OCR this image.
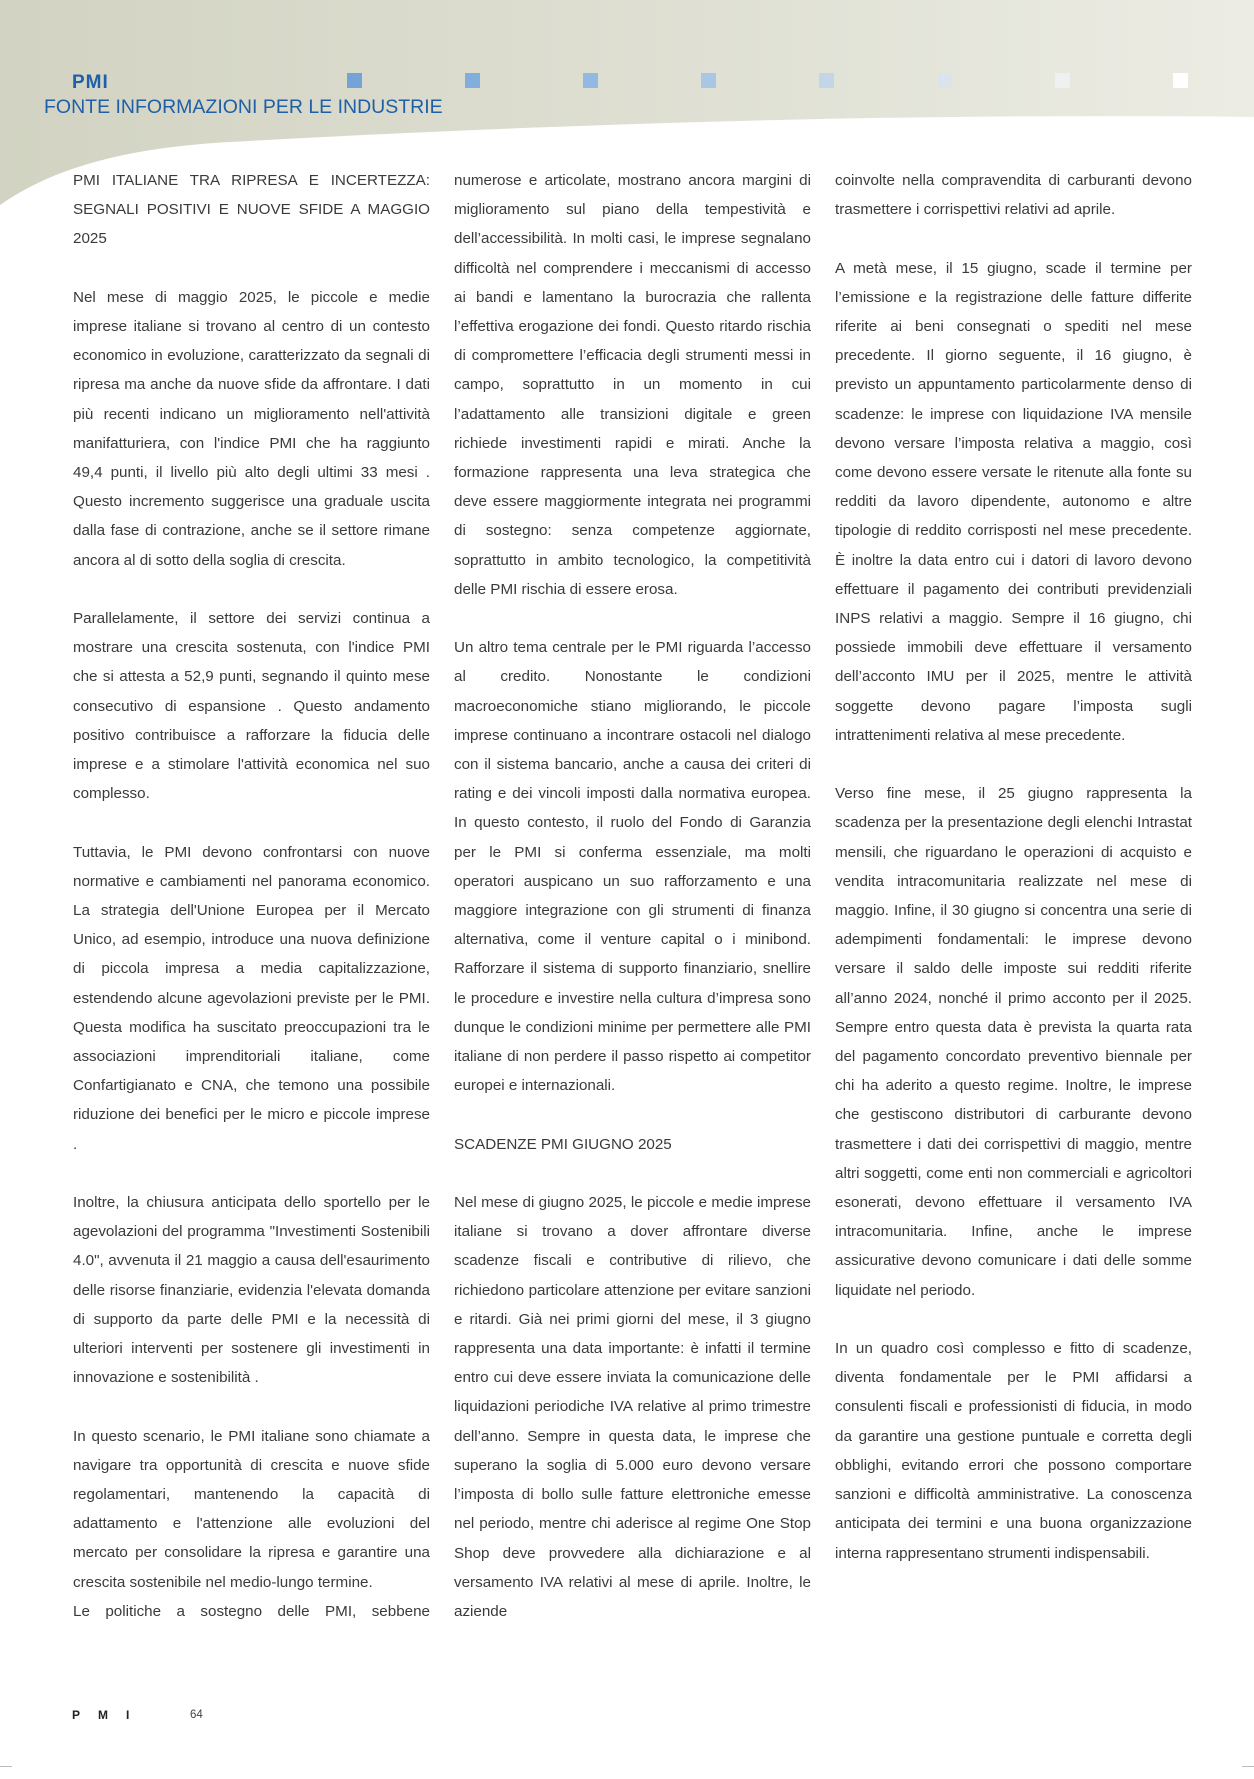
PMI
FONTE INFORMAZIONI PER LE INDUSTRIE

PMI ITALIANE TRA RIPRESA E INCERTEZZA: SEGNALI POSITIVI E NUOVE SFIDE A MAGGIO 2025

Nel mese di maggio 2025, le piccole e medie imprese italiane si trovano al centro di un contesto economico in evoluzione, caratterizzato da segnali di ripresa ma anche da nuove sfide da affrontare. I dati più recenti indicano un miglioramento nell'attività manifatturiera, con l'indice PMI che ha raggiunto 49,4 punti, il livello più alto degli ultimi 33 mesi . Questo incremento suggerisce una graduale uscita dalla fase di contrazione, anche se il settore rimane ancora al di sotto della soglia di crescita.

Parallelamente, il settore dei servizi continua a mostrare una crescita sostenuta, con l'indice PMI che si attesta a 52,9 punti, segnando il quinto mese consecutivo di espansione . Questo andamento positivo contribuisce a rafforzare la fiducia delle imprese e a stimolare l'attività economica nel suo complesso.

Tuttavia, le PMI devono confrontarsi con nuove normative e cambiamenti nel panorama economico. La strategia dell'Unione Europea per il Mercato Unico, ad esempio, introduce una nuova definizione di piccola impresa a media capitalizzazione, estendendo alcune agevolazioni previste per le PMI. Questa modifica ha suscitato preoccupazioni tra le associazioni imprenditoriali italiane, come Confartigianato e CNA, che temono una possibile riduzione dei benefici per le micro e piccole imprese .

Inoltre, la chiusura anticipata dello sportello per le agevolazioni del programma "Investimenti Sostenibili 4.0", avvenuta il 21 maggio a causa dell'esaurimento delle risorse finanziarie, evidenzia l'elevata domanda di supporto da parte delle PMI e la necessità di ulteriori interventi per sostenere gli investimenti in innovazione e sostenibilità .

In questo scenario, le PMI italiane sono chiamate a navigare tra opportunità di crescita e nuove sfide regolamentari, mantenendo la capacità di adattamento e l'attenzione alle evoluzioni del mercato per consolidare la ripresa e garantire una crescita sostenibile nel medio-lungo termine.

Le politiche a sostegno delle PMI, sebbene

numerose e articolate, mostrano ancora margini di miglioramento sul piano della tempestività e dell’accessibilità. In molti casi, le imprese segnalano difficoltà nel comprendere i meccanismi di accesso ai bandi e lamentano la burocrazia che rallenta l’effettiva erogazione dei fondi. Questo ritardo rischia di compromettere l’efficacia degli strumenti messi in campo, soprattutto in un momento in cui l’adattamento alle transizioni digitale e green richiede investimenti rapidi e mirati. Anche la formazione rappresenta una leva strategica che deve essere maggiormente integrata nei programmi di sostegno: senza competenze aggiornate, soprattutto in ambito tecnologico, la competitività delle PMI rischia di essere erosa.

Un altro tema centrale per le PMI riguarda l’accesso al credito. Nonostante le condizioni macroeconomiche stiano migliorando, le piccole imprese continuano a incontrare ostacoli nel dialogo con il sistema bancario, anche a causa dei criteri di rating e dei vincoli imposti dalla normativa europea. In questo contesto, il ruolo del Fondo di Garanzia per le PMI si conferma essenziale, ma molti operatori auspicano un suo rafforzamento e una maggiore integrazione con gli strumenti di finanza alternativa, come il venture capital o i minibond. Rafforzare il sistema di supporto finanziario, snellire le procedure e investire nella cultura d’impresa sono dunque le condizioni minime per permettere alle PMI italiane di non perdere il passo rispetto ai competitor europei e internazionali.

SCADENZE PMI GIUGNO 2025

Nel mese di giugno 2025, le piccole e medie imprese italiane si trovano a dover affrontare diverse scadenze fiscali e contributive di rilievo, che richiedono particolare attenzione per evitare sanzioni e ritardi. Già nei primi giorni del mese, il 3 giugno rappresenta una data importante: è infatti il termine entro cui deve essere inviata la comunicazione delle liquidazioni periodiche IVA relative al primo trimestre dell’anno. Sempre in questa data, le imprese che superano la soglia di 5.000 euro devono versare l’imposta di bollo sulle fatture elettroniche emesse nel periodo, mentre chi aderisce al regime One Stop Shop deve provvedere alla dichiarazione e al versamento IVA relativi al mese di aprile. Inoltre, le aziende

coinvolte nella compravendita di carburanti devono trasmettere i corrispettivi relativi ad aprile.

A metà mese, il 15 giugno, scade il termine per l’emissione e la registrazione delle fatture differite riferite ai beni consegnati o spediti nel mese precedente. Il giorno seguente, il 16 giugno, è previsto un appuntamento particolarmente denso di scadenze: le imprese con liquidazione IVA mensile devono versare l’imposta relativa a maggio, così come devono essere versate le ritenute alla fonte su redditi da lavoro dipendente, autonomo e altre tipologie di reddito corrisposti nel mese precedente. È inoltre la data entro cui i datori di lavoro devono effettuare il pagamento dei contributi previdenziali INPS relativi a maggio. Sempre il 16 giugno, chi possiede immobili deve effettuare il versamento dell’acconto IMU per il 2025, mentre le attività soggette devono pagare l’imposta sugli intrattenimenti relativa al mese precedente.

Verso fine mese, il 25 giugno rappresenta la scadenza per la presentazione degli elenchi Intrastat mensili, che riguardano le operazioni di acquisto e vendita intracomunitaria realizzate nel mese di maggio. Infine, il 30 giugno si concentra una serie di adempimenti fondamentali: le imprese devono versare il saldo delle imposte sui redditi riferite all’anno 2024, nonché il primo acconto per il 2025. Sempre entro questa data è prevista la quarta rata del pagamento concordato preventivo biennale per chi ha aderito a questo regime. Inoltre, le imprese che gestiscono distributori di carburante devono trasmettere i dati dei corrispettivi di maggio, mentre altri soggetti, come enti non commerciali e agricoltori esonerati, devono effettuare il versamento IVA intracomunitaria. Infine, anche le imprese assicurative devono comunicare i dati delle somme liquidate nel periodo.

In un quadro così complesso e fitto di scadenze, diventa fondamentale per le PMI affidarsi a consulenti fiscali e professionisti di fiducia, in modo da garantire una gestione puntuale e corretta degli obblighi, evitando errori che possono comportare sanzioni e difficoltà amministrative. La conoscenza anticipata dei termini e una buona organizzazione interna rappresentano strumenti indispensabili.

PMI	64
